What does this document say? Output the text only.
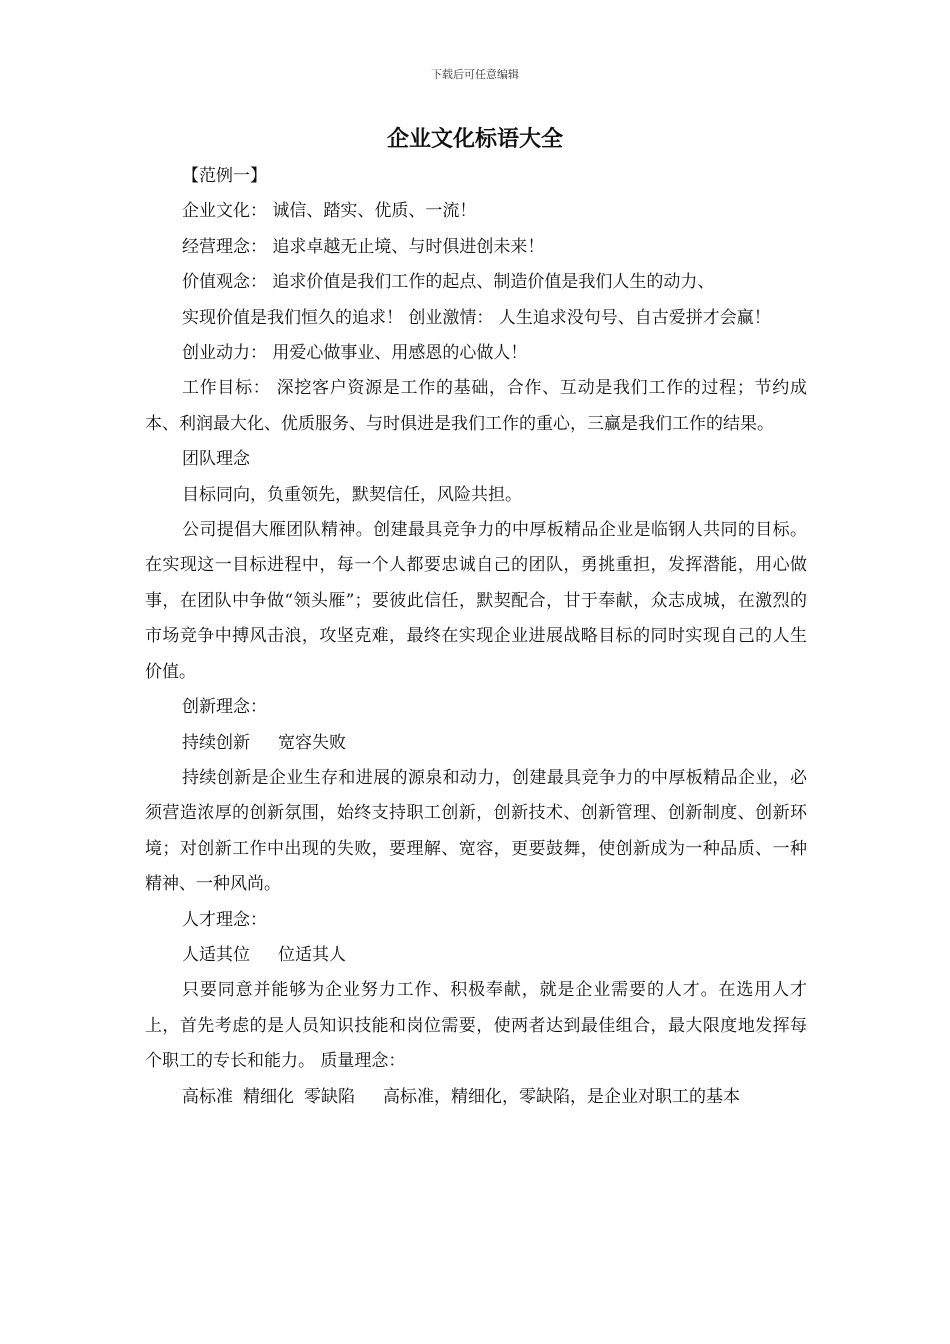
下载后可任意编辑
企业文化标语大全

【范例一】

企业文化： 诚信、踏实、优质、一流！

经营理念： 追求卓越无止境、与时俱进创未来！

价值观念： 追求价值是我们工作的起点、制造价值是我们人生的动力、

实现价值是我们恒久的追求！ 创业激情： 人生追求没句号、自古爱拼才会赢！

创业动力： 用爱心做事业、用感恩的心做人！

工作目标： 深挖客户资源是工作的基础，合作、互动是我们工作的过程；节约成本、利润最大化、优质服务、与时俱进是我们工作的重心，三赢是我们工作的结果。

团队理念

目标同向，负重领先，默契信任，风险共担。

公司提倡大雁团队精神。创建最具竞争力的中厚板精品企业是临钢人共同的目标。在实现这一目标进程中，每一个人都要忠诚自己的团队，勇挑重担，发挥潜能，用心做事，在团队中争做“领头雁”；要彼此信任，默契配合，甘于奉献，众志成城，在激烈的市场竞争中搏风击浪，攻坚克难，最终在实现企业进展战略目标的同时实现自己的人生价值。

创新理念：

持续创新 宽容失败

持续创新是企业生存和进展的源泉和动力，创建最具竞争力的中厚板精品企业，必须营造浓厚的创新氛围，始终支持职工创新，创新技术、创新管理、创新制度、创新环境；对创新工作中出现的失败，要理解、宽容，更要鼓舞，使创新成为一种品质、一种精神、一种风尚。

人才理念：

人适其位 位适其人

只要同意并能够为企业努力工作、积极奉献，就是企业需要的人才。在选用人才上，首先考虑的是人员知识技能和岗位需要，使两者达到最佳组合，最大限度地发挥每个职工的专长和能力。 质量理念：

高标准 精细化 零缺陷 高标准，精细化，零缺陷，是企业对职工的基本
